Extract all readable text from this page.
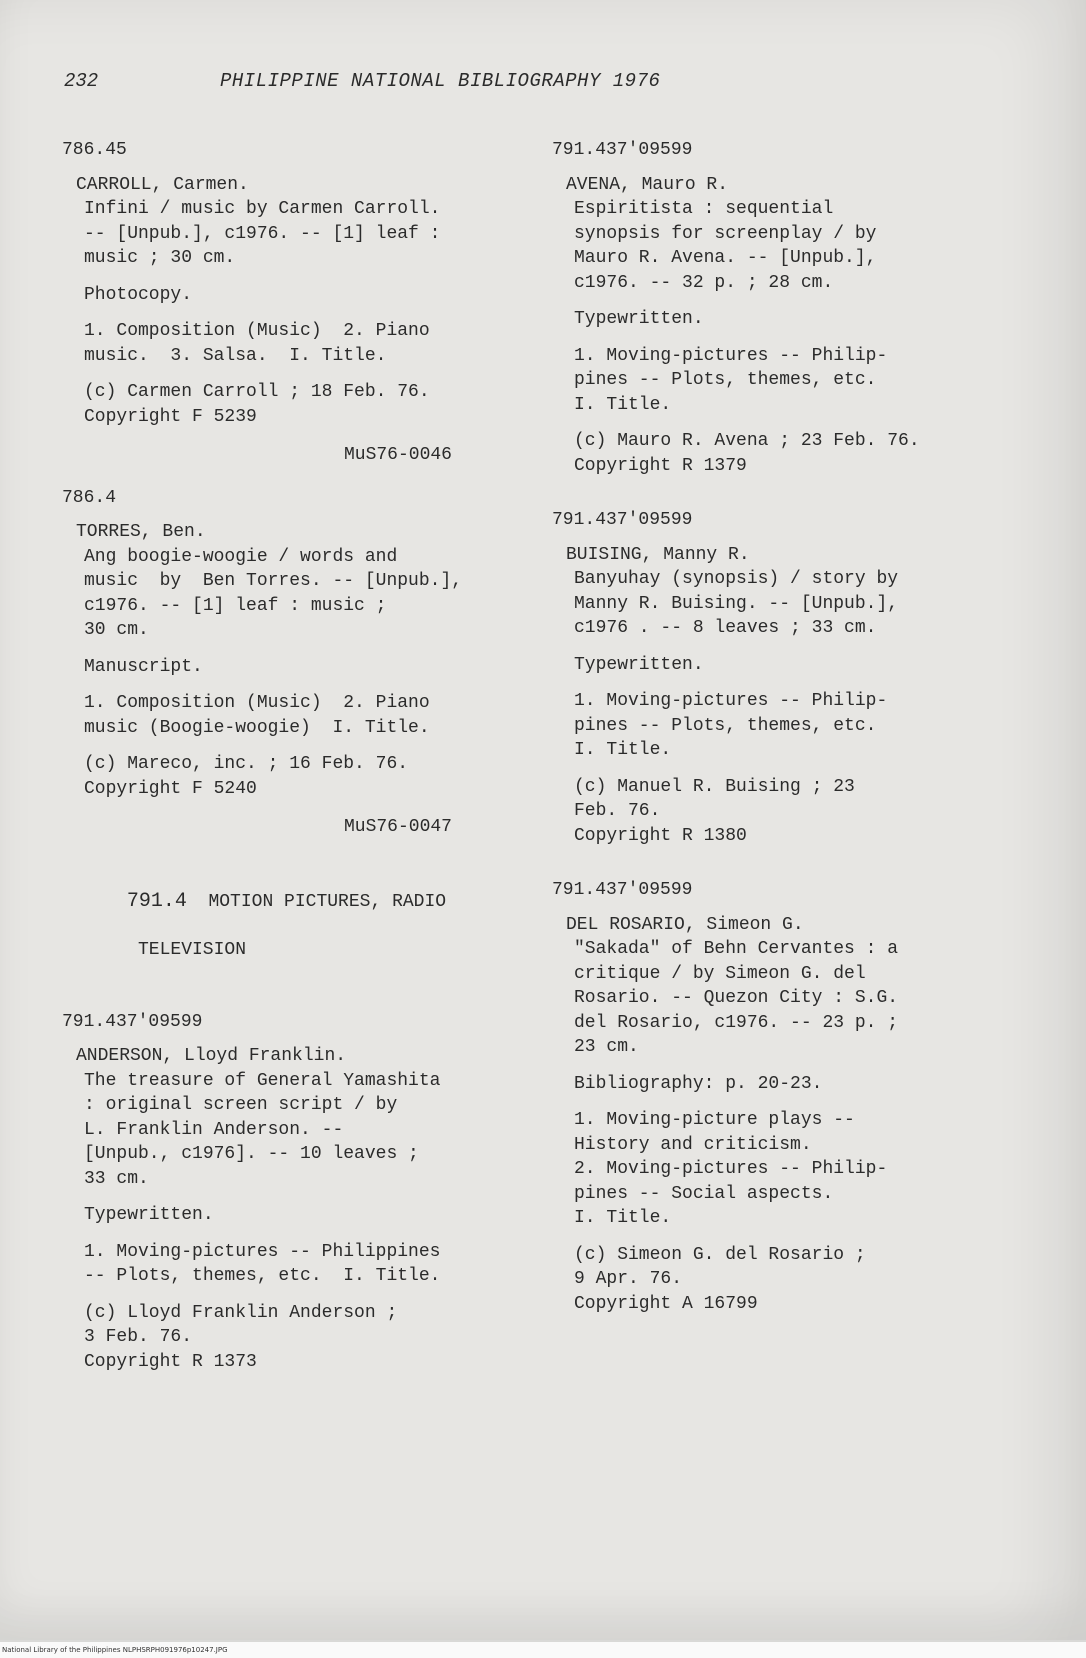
232	PHILIPPINE NATIONAL BIBLIOGRAPHY 1976
786.45
CARROLL, Carmen.
Infini / music by Carmen Carroll.
-- [Unpub.], c1976. -- [1] leaf :
music ; 30 cm.
Photocopy.
1. Composition (Music)  2. Piano
music.  3. Salsa.  I. Title.
(c) Carmen Carroll ; 18 Feb. 76.
Copyright F 5239
MuS76-0046
786.4
TORRES, Ben.
Ang boogie-woogie / words and
music  by  Ben Torres. -- [Unpub.],
c1976. -- [1] leaf : music ;
30 cm.
Manuscript.
1. Composition (Music)  2. Piano
music (Boogie-woogie)  I. Title.
(c) Mareco, inc. ; 16 Feb. 76.
Copyright F 5240
MuS76-0047

791.4 MOTION PICTURES, RADIO

TELEVISION

791.437'09599
ANDERSON, Lloyd Franklin.
The treasure of General Yamashita
: original screen script / by
L. Franklin Anderson. --
[Unpub., c1976]. -- 10 leaves ;
33 cm.
Typewritten.
1. Moving-pictures -- Philippines
-- Plots, themes, etc.  I. Title.
(c) Lloyd Franklin Anderson ;
3 Feb. 76.
Copyright R 1373
791.437'09599
AVENA, Mauro R.
Espiritista : sequential
synopsis for screenplay / by
Mauro R. Avena. -- [Unpub.],
c1976. -- 32 p. ; 28 cm.
Typewritten.
1. Moving-pictures -- Philip-
pines -- Plots, themes, etc.
I. Title.
(c) Mauro R. Avena ; 23 Feb. 76.
Copyright R 1379
791.437'09599
BUISING, Manny R.
Banyuhay (synopsis) / story by
Manny R. Buising. -- [Unpub.],
c1976 . -- 8 leaves ; 33 cm.
Typewritten.
1. Moving-pictures -- Philip-
pines -- Plots, themes, etc.
I. Title.
(c) Manuel R. Buising ; 23
Feb. 76.
Copyright R 1380
791.437'09599
DEL ROSARIO, Simeon G.
"Sakada" of Behn Cervantes : a
critique / by Simeon G. del
Rosario. -- Quezon City : S.G.
del Rosario, c1976. -- 23 p. ;
23 cm.
Bibliography: p. 20-23.
1. Moving-picture plays --
History and criticism.
2. Moving-pictures -- Philip-
pines -- Social aspects.
I. Title.
(c) Simeon G. del Rosario ;
9 Apr. 76.
Copyright A 16799
National Library of the Philippines NLPHSRPH091976p10247.JPG
